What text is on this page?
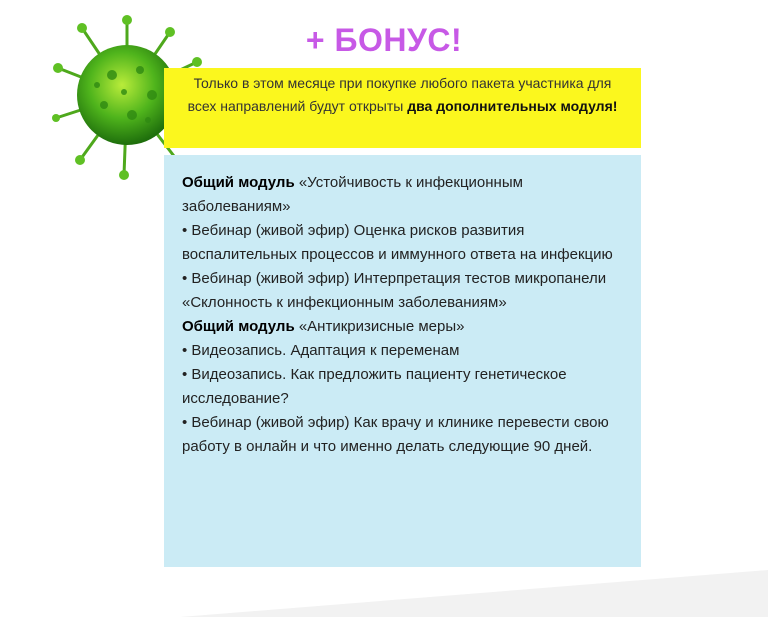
+ БОНУС!
Только в этом месяце при покупке любого пакета участника для всех направлений будут открыты два дополнительных модуля!

Общий модуль «Устойчивость к инфекционным заболеваниям»

• Вебинар (живой эфир) Оценка рисков развития воспалительных процессов и иммунного ответа на инфекцию

• Вебинар (живой эфир) Интерпретация тестов микропанели «Склонность к инфекционным заболеваниям»

Общий модуль «Антикризисные меры»

• Видеозапись. Адаптация к переменам

• Видеозапись. Как предложить пациенту генетическое исследование?

• Вебинар (живой эфир) Как врачу и клинике перевести свою работу в онлайн и что именно делать следующие 90 дней.
